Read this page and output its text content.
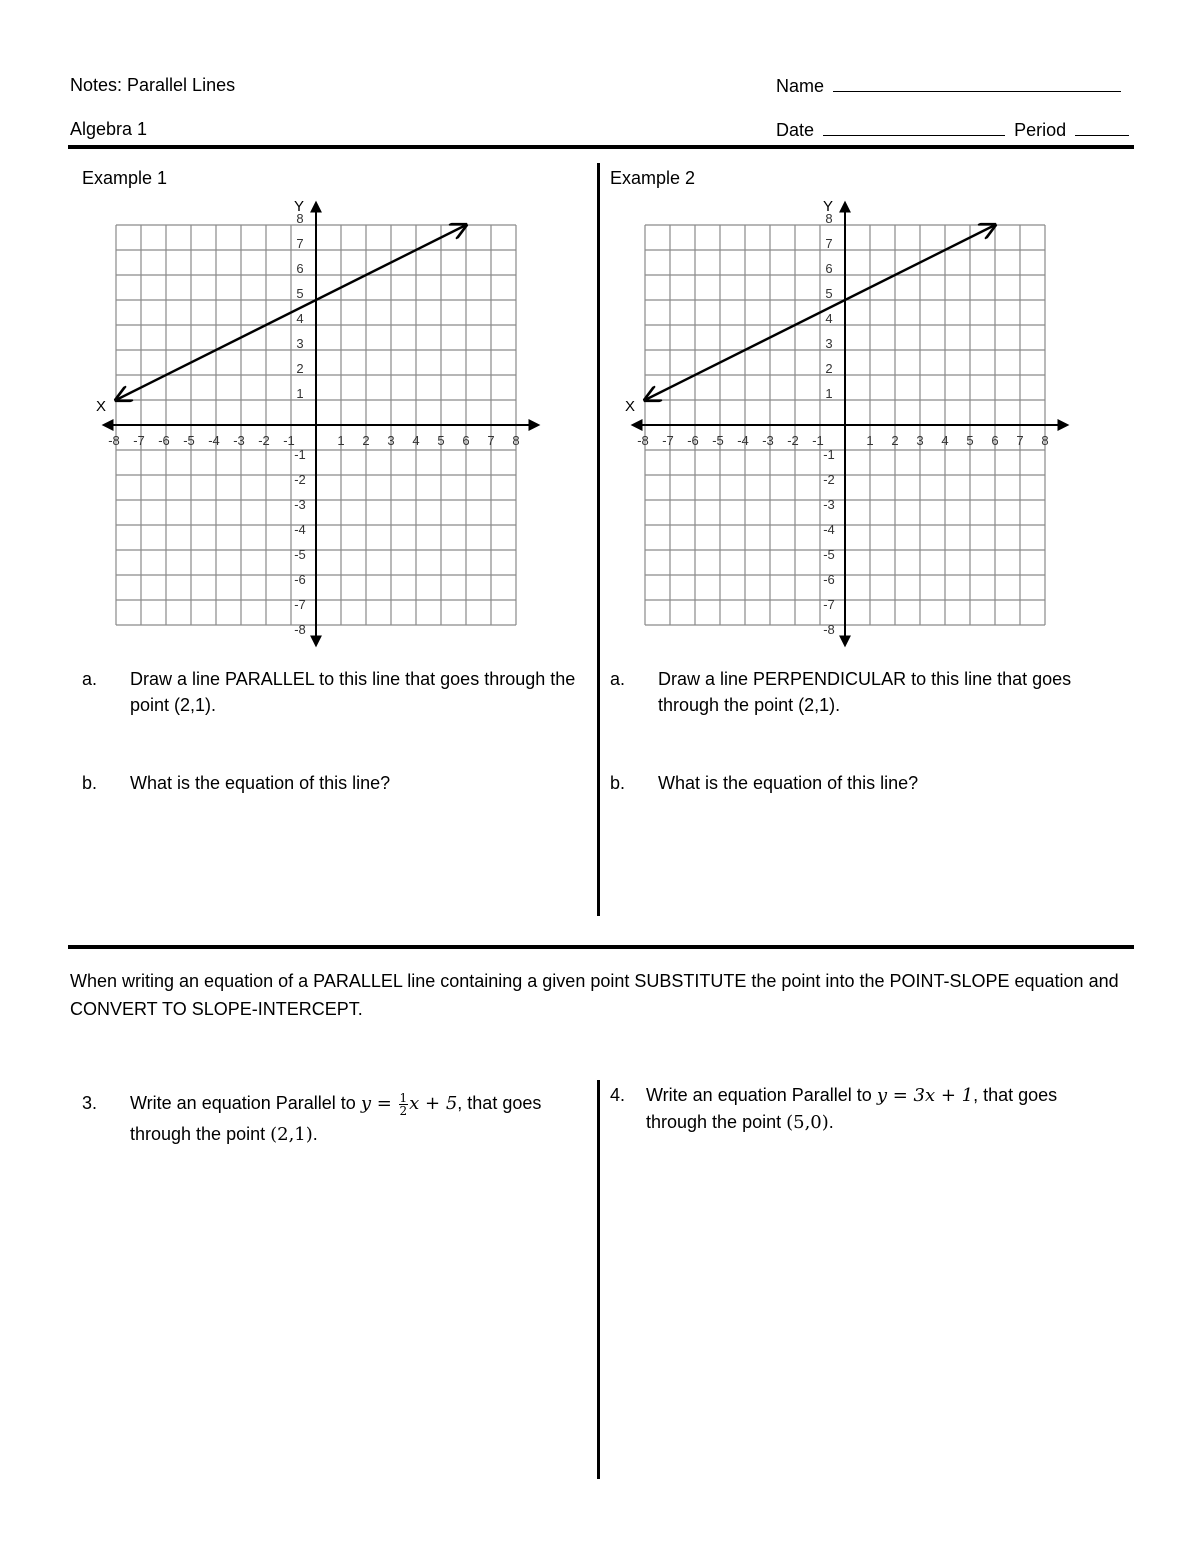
Notes: Parallel Lines
Algebra 1
Name
Date	Period
Example 1
-8 -7 -6 -5 -4 -3 -2 -1	1 2 3 4 5 6 7 8
8
7
6
5
4
3
2
1
-1
-2
-3
-4
-5
-6
-7
-8
X
Y
a. Draw a line PARALLEL to this line that goes through the point (2,1).
b. What is the equation of this line?
Example 2
-8 -7 -6 -5 -4 -3 -2 -1	1 2 3 4 5 6 7 8
8
7
6
5
4
3
2
1
-1
-2
-3
-4
-5
-6
-7
-8
X
Y
a. Draw a line PERPENDICULAR to this line that goes through the point (2,1).
b. What is the equation of this line?
When writing an equation of a PARALLEL line containing a given point SUBSTITUTE the point into the POINT-SLOPE equation and CONVERT TO SLOPE-INTERCEPT.
3. Write an equation Parallel to $y = \frac{1}{2}$ x + 5, that goes
through the point (2,1).
4. Write an equation Parallel to y = 3x + 1, that goes
through the point (5,0).
